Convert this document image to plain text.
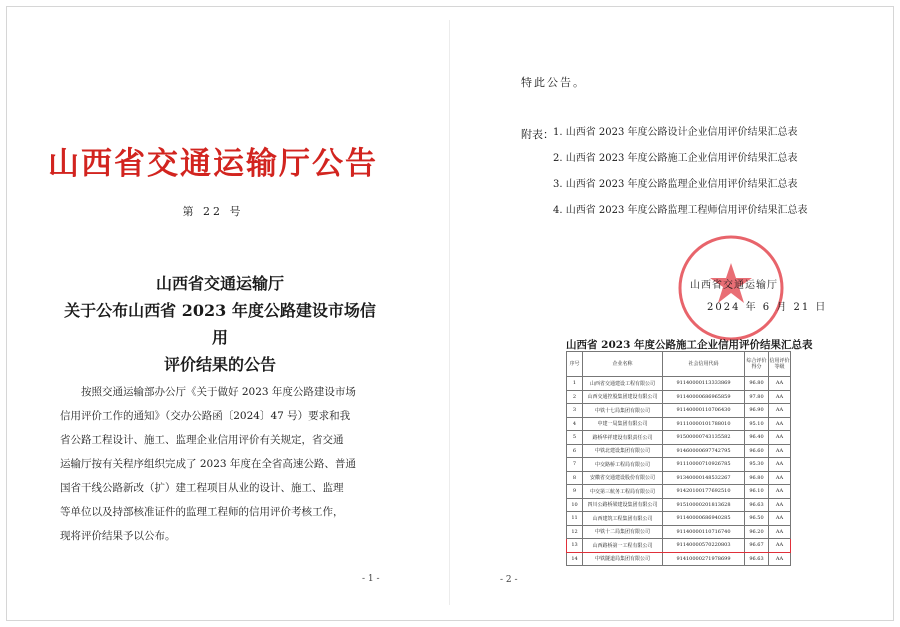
山西省交通运输厅公告
第 22 号
山西省交通运输厅
关于公布山西省 2023 年度公路建设市场信用
评价结果的公告

按照交通运输部办公厅《关于做好 2023 年度公路建设市场

信用评价工作的通知》（交办公路函〔2024〕47 号）要求和我
省公路工程设计、施工、监理企业信用评价有关规定，省交通
运输厅按有关程序组织完成了 2023 年度在全省高速公路、普通
国省干线公路新改（扩）建工程项目从业的设计、施工、监理
等单位以及持部核准证件的监理工程师的信用评价考核工作，
现将评价结果予以公布。
- 1 -
特此公告。
附表： 1. 山西省 2023 年度公路设计企业信用评价结果汇总表
2. 山西省 2023 年度公路施工企业信用评价结果汇总表
3. 山西省 2023 年度公路监理企业信用评价结果汇总表
4. 山西省 2023 年度公路监理工程师信用评价结果汇总表
山西省交通运输厅
2024 年 6 月 21 日
山西省 2023 年度公路施工企业信用评价结果汇总表
序号	企业名称	社会信用代码	综合评价得分	信用评价等级
1	山西省交通建设工程有限公司	91140000113333869	96.80	AA
2	山西交通控股集团建设有限公司	91140000686965859	97.80	AA
3	中铁十七局集团有限公司	91140000110706430	96.90	AA
4	中建一局集团有限公司	91110000101788010	95.10	AA
5	路桥华祥建设有限责任公司	91500000743135582	96.40	AA
6	中铁北建设集团有限公司	91460000697742795	96.60	AA
7	中交路桥工程局有限公司	91110000710926785	95.30	AA
8	安徽省交通建设股份有限公司	91340000148532267	96.80	AA
9	中交第三航务工程局有限公司	91420100177692510	96.10	AA
10	四川公路桥梁建设集团有限公司	91510000201813628	96.63	AA
11	山西建筑工程集团有限公司	91140000686940285	96.50	AA
12	中铁十二局集团有限公司	91140000110716740	96.20	AA
13	山西路桥第一工程有限公司	91140000570220803	96.67	AA
14	中铁隧道局集团有限公司	91410000271978699	96.63	AA
- 2 -
